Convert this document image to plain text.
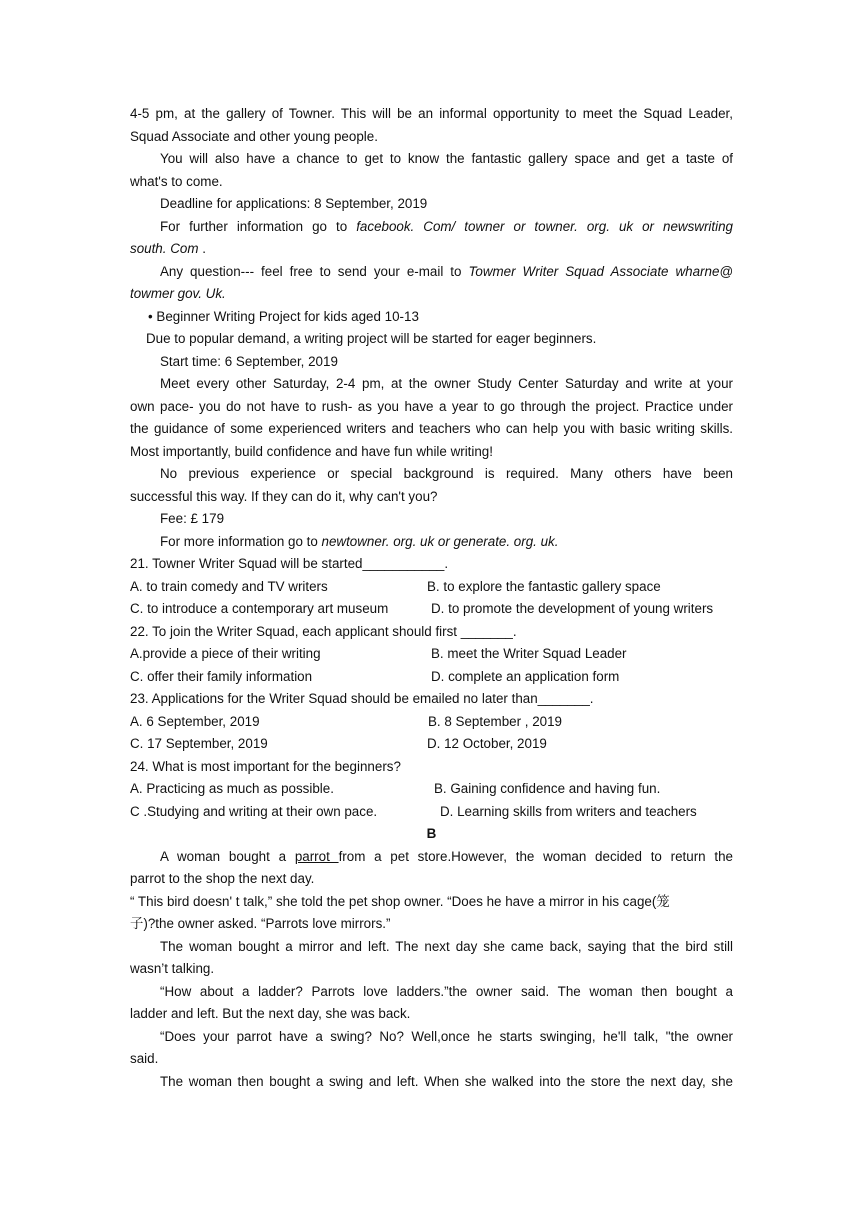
4-5 pm, at the gallery of Towner. This will be an informal opportunity to meet the Squad Leader,
Squad Associate and other young people.
You will also have a chance to get to know the fantastic gallery space and get a taste of
what's to come.
Deadline for applications: 8 September, 2019
For further information go to facebook. Com/ towner or towner. org. uk or newswriting
south. Com .
Any question--- feel free to send your e-mail to Towmer Writer Squad Associate wharne@
towmer gov. Uk.
• Beginner Writing Project for kids aged 10-13
Due to popular demand, a writing project will be started for eager beginners.
Start time: 6 September, 2019
Meet every other Saturday, 2-4 pm, at the owner Study Center Saturday and write at your
own pace- you do not have to rush- as you have a year to go through the project. Practice under
the guidance of some experienced writers and teachers who can help you with basic writing skills.
Most importantly, build confidence and have fun while writing!
No previous experience or special background is required. Many others have been
successful this way. If they can do it, why can't you?
Fee: £ 179
For more information go to newtowner. org. uk or generate. org. uk.
21. Towner Writer Squad will be started___________.
A. to train comedy and TV writers	B. to explore the fantastic gallery space
C. to introduce a contemporary art museum	D. to promote the development of young writers
22. To join the Writer Squad, each applicant should first _______.
A.provide a piece of their writing	B. meet the Writer Squad Leader
C. offer their family information	D. complete an application form
23. Applications for the Writer Squad should be emailed no later than_______.
A. 6 September, 2019	B. 8 September , 2019
C. 17 September, 2019	D. 12 October, 2019
24. What is most important for the beginners?
A. Practicing as much as possible.	B. Gaining confidence and having fun.
C .Studying and writing at their own pace.	D. Learning skills from writers and teachers
B
A woman bought a parrot from a pet store.However, the woman decided to return the
parrot to the shop the next day.
“ This bird doesn' t talk,” she told the pet shop owner. “Does he have a mirror in his cage(笼
子)?the owner asked. “Parrots love mirrors.”
The woman bought a mirror and left. The next day she came back, saying that the bird still
wasn’t talking.
“How about a ladder? Parrots love ladders.”the owner said. The woman then bought a
ladder and left. But the next day, she was back.
“Does your parrot have a swing? No? Well,once he starts swinging, he'll talk, "the owner
said.
The woman then bought a swing and left. When she walked into the store the next day, she
